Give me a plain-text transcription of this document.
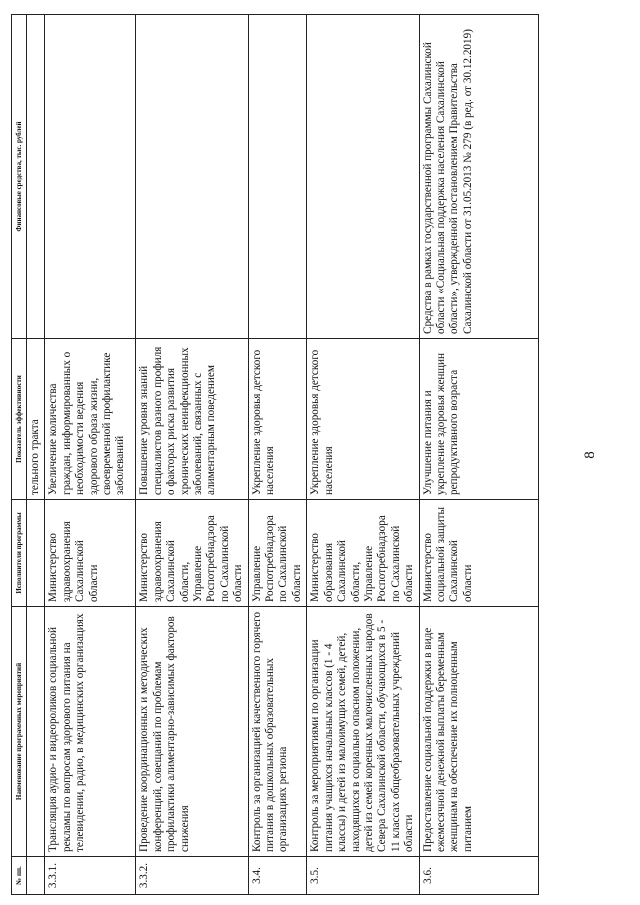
8
№ пп.	Наименование программных мероприятий	Исполнители программы	Показатель эффективности	Финансовые средства, тыс. рублей
			тельного тракта	
3.3.1.	Трансляция аудио- и видеороликов социальной рекламы по вопросам здорового питания на телевидении, радио, в медицинских организациях	Министерство здравоохранения Сахалинской области	Увеличение количества граждан, информированных о необходимости ведения здорового образа жизни, своевременной профилактике заболеваний	
3.3.2.	Проведение координационных и методических конференций, совещаний по проблемам профилактики алиментарно-зависимых факторов снижения	Министерство здравоохранения Сахалинской области, Управление Роспотребнадзора по Сахалинской области	Повышение уровня знаний специалистов разного профиля о факторах риска развития хронических неинфекционных заболеваний, связанных с алиментарным поведением	
3.4.	Контроль за организацией качественного горячего питания в дошкольных образовательных организациях региона	Управление Роспотребнадзора по Сахалинской области	Укрепление здоровья детского населения	
3.5.	Контроль за мероприятиями по организации питания учащихся начальных классов (1 - 4 классы) и детей из малоимущих семей, детей, находящихся в социально опасном положении, детей из семей коренных малочисленных народов Севера Сахалинской области, обучающихся в 5 - 11 классах общеобразовательных учреждений области	Министерство образования Сахалинской области, Управление Роспотребнадзора по Сахалинской области	Укрепление здоровья детского населения	
3.6.	Предоставление социальной поддержки в виде ежемесячной денежной выплаты беременным женщинам на обеспечение их полноценным питанием	Министерство социальной защиты Сахалинской области	Улучшение питания и укрепление здоровья женщин репродуктивного возраста	Средства в рамках государственной программы Сахалинской области «Социальная поддержка населения Сахалинской области», утвержденной постановлением Правительства Сахалинской области от 31.05.2013 № 279 (в ред. от 30.12.2019)
